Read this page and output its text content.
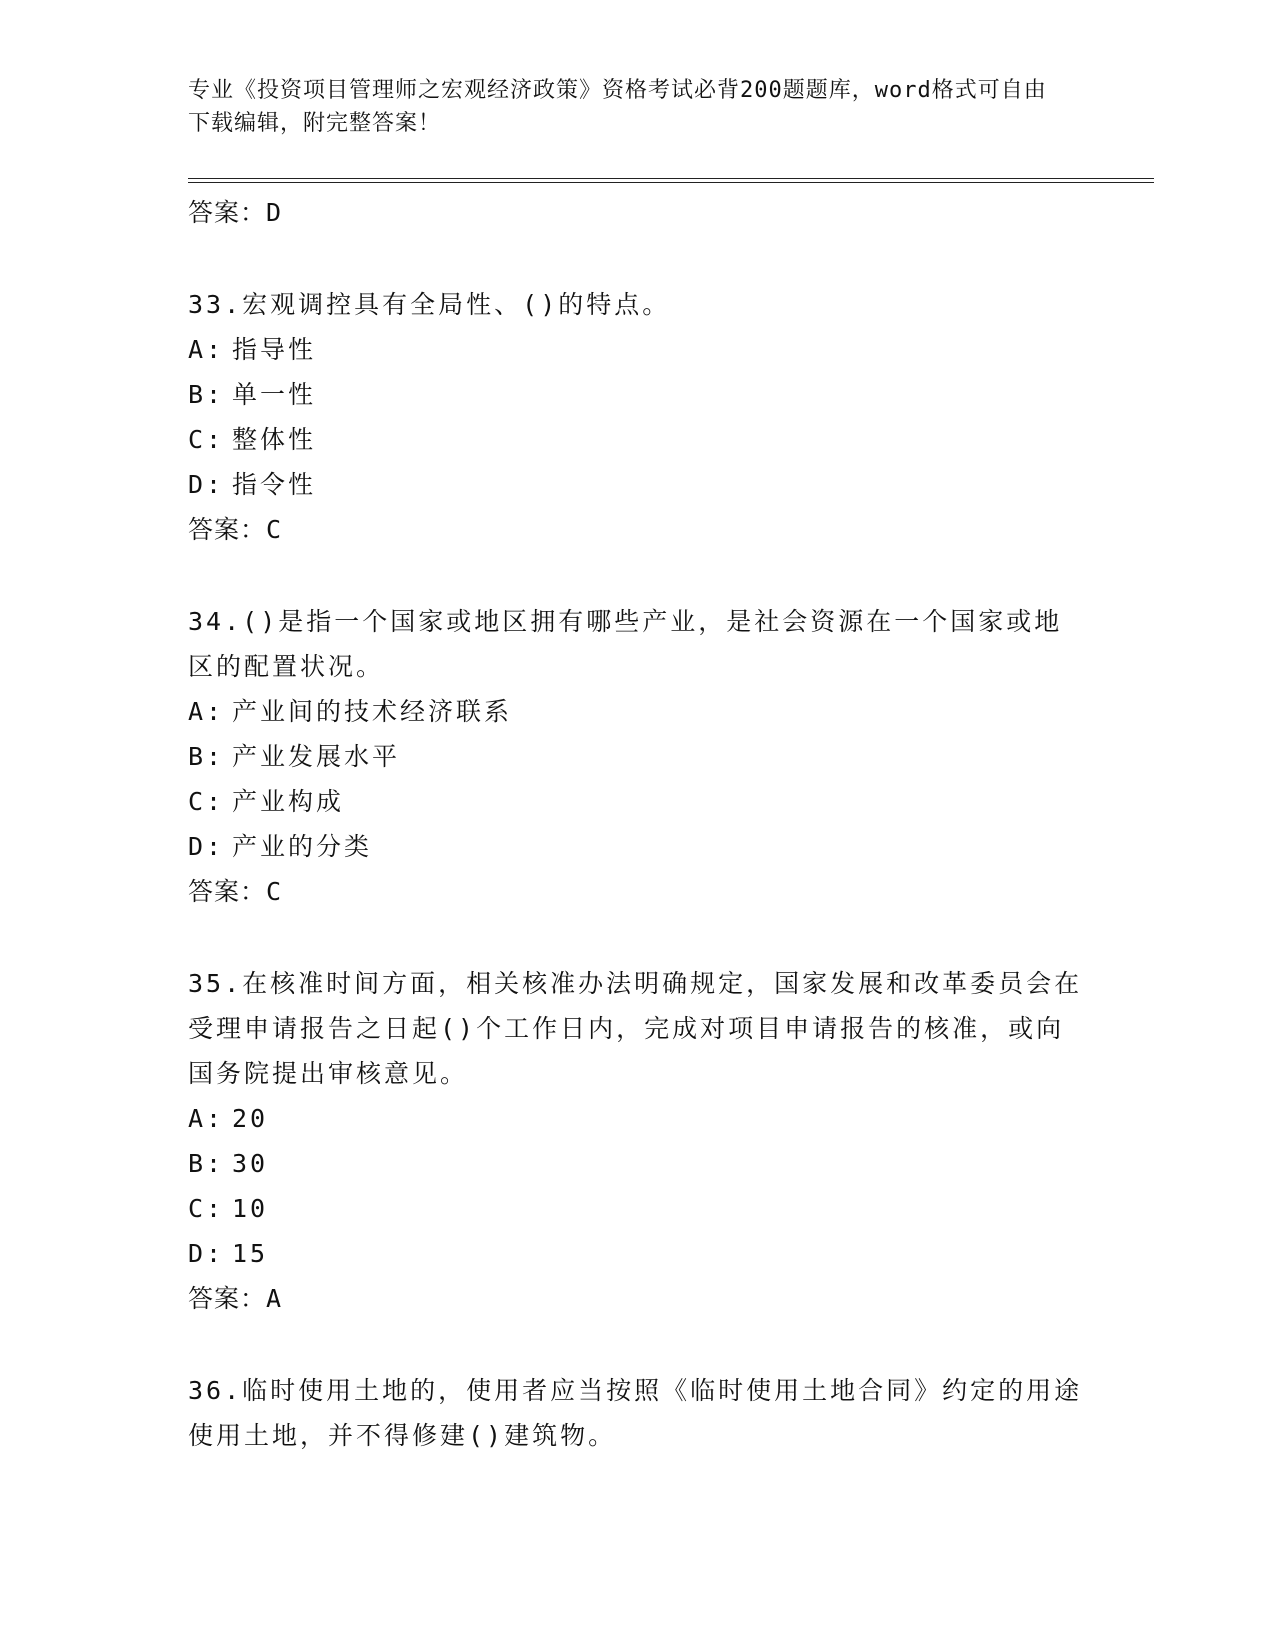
专业《投资项目管理师之宏观经济政策》资格考试必背200题题库，word格式可自由下载编辑，附完整答案！
答案：D

33.宏观调控具有全局性、()的特点。

A: 指导性
B: 单一性
C: 整体性
D: 指令性
答案：C

34.()是指一个国家或地区拥有哪些产业，是社会资源在一个国家或地区的配置状况。

A: 产业间的技术经济联系
B: 产业发展水平
C: 产业构成
D: 产业的分类
答案：C

35.在核准时间方面，相关核准办法明确规定，国家发展和改革委员会在受理申请报告之日起()个工作日内，完成对项目申请报告的核准，或向国务院提出审核意见。

A: 20
B: 30
C: 10
D: 15
答案：A

36.临时使用土地的，使用者应当按照《临时使用土地合同》约定的用途使用土地，并不得修建()建筑物。
